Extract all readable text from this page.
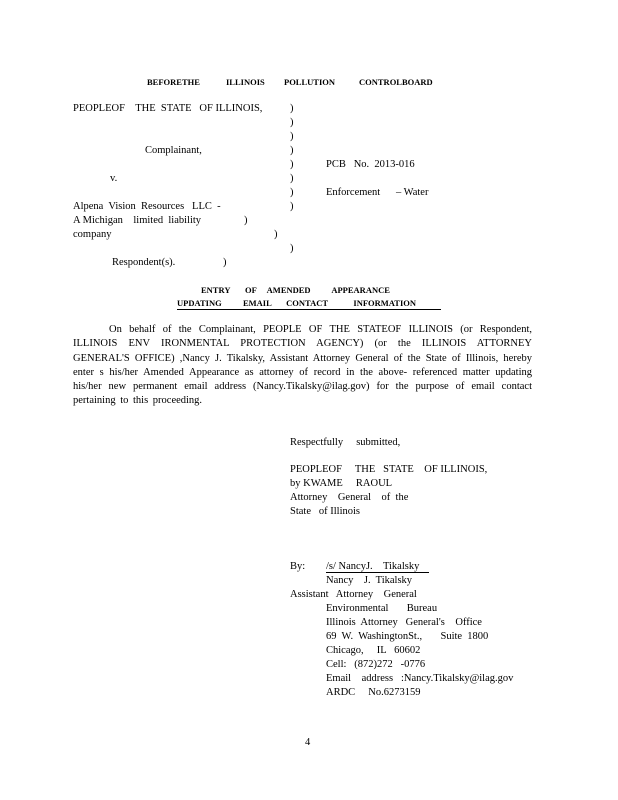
BEFORETHE	ILLINOIS POLLUTION	CONTROLBOARD
PEOPLEOF    THE  STATE   OF ILLINOIS,
Complainant,
v.
Alpena  Vision  Resources   LLC  -
A Michigan    limited  liability
company
Respondent(s).
)
)
)
)
)
)
)
)
)
)
)
)
PCB   No.  2013-016
Enforcement      – Water
ENTRY       OF     AMENDED          APPEARANCE
UPDATING          EMAIL       CONTACT            INFORMATION
On behalf of the Complainant, PEOPLE OF THE STATEOF ILLINOIS (or Respondent, ILLINOIS ENV IRONMENTAL PROTECTION AGENCY) (or the ILLINOIS ATTORNEY GENERAL'S OFFICE) ,Nancy J. Tikalsky, Assistant Attorney General of the State of Illinois, hereby enter s his/her Amended Appearance as attorney of record in the above- referenced matter updating his/her new permanent email address (Nancy.Tikalsky@ilag.gov) for the purpose of email contact pertaining to this proceeding.
Respectfully     submitted,
PEOPLEOF     THE   STATE    OF ILLINOIS,
by KWAME     RAOUL
Attorney    General    of  the
State   of Illinois
By: /s/ NancyJ.    Tikalsky
Nancy    J.  Tikalsky
Assistant   Attorney    General
Environmental       Bureau
Illinois  Attorney   General's    Office
69  W.  WashingtonSt.,       Suite  1800
Chicago,     IL   60602
Cell:   (872)272   -0776
Email    address   :Nancy.Tikalsky@ilag.gov
ARDC     No.6273159
4
